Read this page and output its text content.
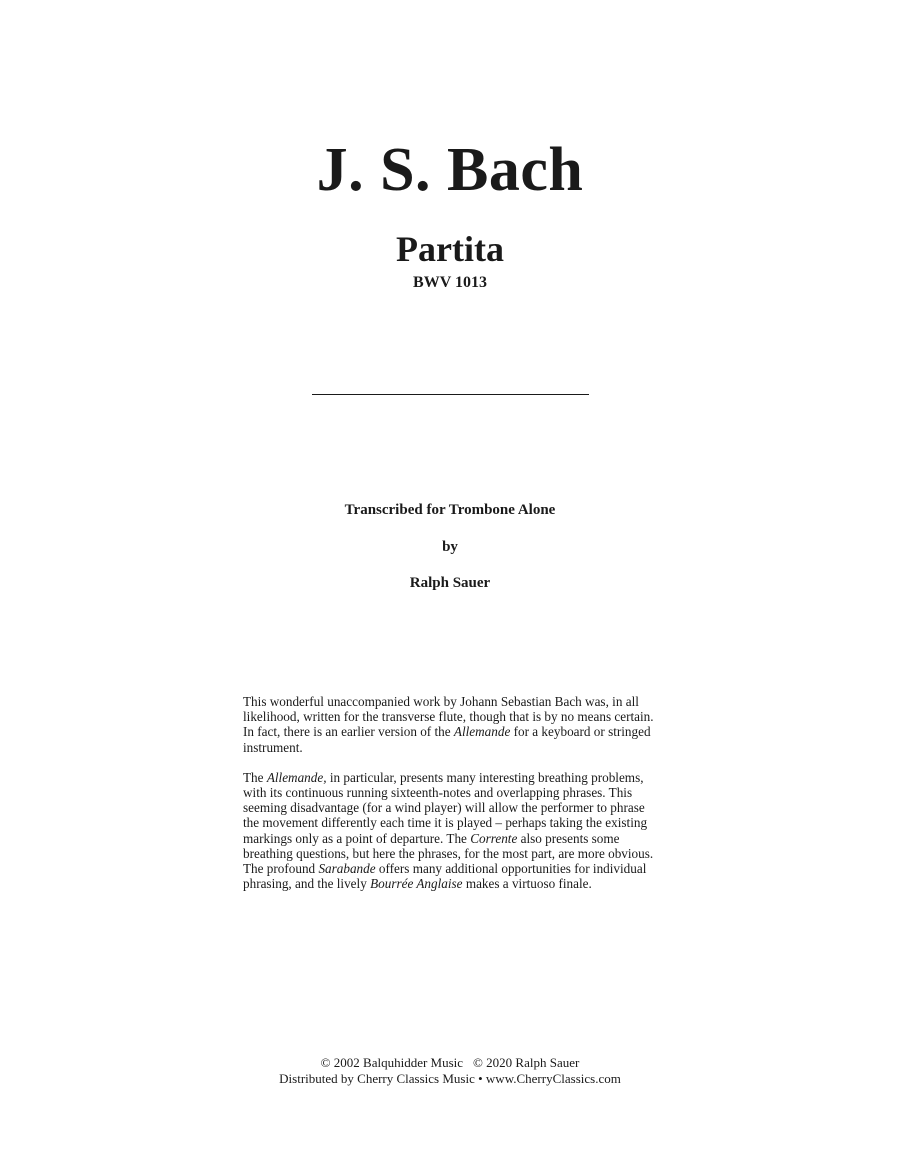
J. S. Bach
Partita
BWV 1013
Transcribed for Trombone Alone
by
Ralph Sauer

This wonderful unaccompanied work by Johann Sebastian Bach was, in all likelihood, written for the transverse flute, though that is by no means certain. In fact, there is an earlier version of the Allemande for a keyboard or stringed instrument.

The Allemande, in particular, presents many interesting breathing problems, with its continuous running sixteenth-notes and overlapping phrases. This seeming disadvantage (for a wind player) will allow the performer to phrase the movement differently each time it is played – perhaps taking the existing markings only as a point of departure. The Corrente also presents some breathing questions, but here the phrases, for the most part, are more obvious. The profound Sarabande offers many additional opportunities for individual phrasing, and the lively Bourrée Anglaise makes a virtuoso finale.

© 2002 Balquhidder Music © 2020 Ralph Sauer
Distributed by Cherry Classics Music • www.CherryClassics.com
